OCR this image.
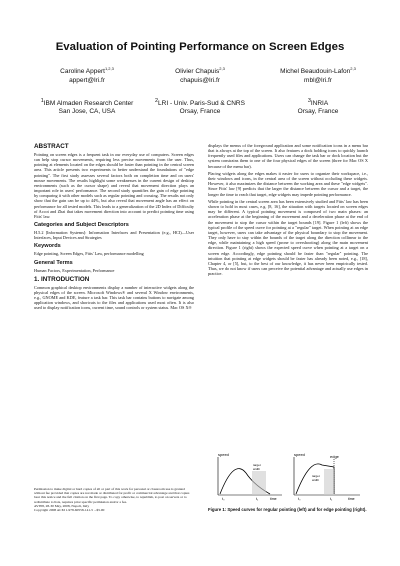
Evaluation of Pointing Performance on Screen Edges
Caroline Appert$^{1,2,3}$
appert@lri.fr
Olivier Chapuis$^{2,3}$
chapuis@lri.fr
Michel Beaudouin-Lafon$^{2,3}$
mbl@lri.fr
$^1$IBM Almaden Research Center
San Jose, CA, USA
$^2$LRI - Univ. Paris-Sud & CNRS
Orsay, France
$^3$INRIA
Orsay, France
ABSTRACT

Pointing on screen edges is a frequent task in our everyday use of computers. Screen edges can help stop cursor movements, requiring less precise movements from the user. Thus, pointing at elements located on the edges should be faster than pointing in the central screen area. This article presents two experiments to better understand the foundations of "edge pointing". The first study assesses several factors both on completion time and on users' mouse movements. The results highlight some weaknesses in the current design of desktop environments (such as the cursor shape) and reveal that movement direction plays an important role in users' performance. The second study quantifies the gain of edge pointing by comparing it with other models such as regular pointing and crossing. The results not only show that the gain can be up to 44%, but also reveal that movement angle has an effect on performance for all tested models. This leads to a generalization of the 2D Index of Difficulty of Accot and Zhai that takes movement direction into account to predict pointing time using Fitts' law.

Categories and Subject Descriptors

H.5.2 [Information Systems]: Information Interfaces and Presentation (e.g., HCI)—User Interfaces, Input Devices and Strategies

Keywords

Edge pointing, Screen Edges, Fitts' Law, performance modelling

General Terms

Human Factors, Experimentation, Performance

1. INTRODUCTION

Common graphical desktop environments display a number of interactive widgets along the physical edges of the screen. Microsoft Windows® and several X Window environments, e.g., GNOME and KDE, feature a task bar. This task bar contains buttons to navigate among application windows, and shortcuts to the files and applications used most often. It is also used to display notification icons, current time, sound controls or system status. Mac OS X®

Permission to make digital or hard copies of all or part of this work for personal or classroom use is granted without fee provided that copies are not made or distributed for profit or commercial advantage and that copies bear this notice and the full citation on the first page. To copy otherwise, to republish, to post on servers or to redistribute to lists, requires prior specific permission and/or a fee.
AVI'08, 28-30 May, 2008, Napoli, Italy
Copyright 2008 ACM 1-978-60558-141-5 ...$5.00

displays the menus of the foreground application and some notification icons in a menu bar that is always at the top of the screen. It also features a dock holding icons to quickly launch frequently used files and applications. Users can change the task bar or dock location but the system constrains them to one of the four physical edges of the screen (three for Mac OS X because of the menu bar).

Placing widgets along the edges makes it easier for users to organize their workspace, i.e., their windows and icons, in the central area of the screen without occluding these widgets. However, it also maximizes the distance between the working area and these "edge widgets". Since Fitts' law [9] predicts that the larger the distance between the cursor and a target, the longer the time to reach that target, edge widgets may impede pointing performance.

While pointing in the central screen area has been extensively studied and Fitts' law has been shown to hold in most cases, e.g. [8, 16], the situation with targets located on screen edges may be different. A typical pointing movement is composed of two main phases: an acceleration phase at the beginning of the movement and a deceleration phase at the end of the movement to stop the cursor within the target bounds [19]. Figure 1 (left) shows the typical profile of the speed curve for pointing at a "regular" target. When pointing at an edge target, however, users can take advantage of the physical boundary to stop the movement. They only have to stay within the bounds of the target along the direction collinear to the edge, while maintaining a high speed (prone to overshooting) along the main movement direction. Figure 1 (right) shows the expected speed curve when pointing at a target on a screen edge. Accordingly, edge pointing should be faster than "regular" pointing. The intuition that pointing at edge widgets should be faster has already been noted, e.g., [18], Chapter 4, or [5], but, to the best of our knowledge, it has never been empirically tested. Thus, we do not know if users can perceive the potential advantage and actually use edges in practice.

speed
target
width
t₀	t₁	time
speed	edge
target
width
t₀	t₁	time
Figure 1: Speed curves for regular pointing (left) and for edge pointing (right).
